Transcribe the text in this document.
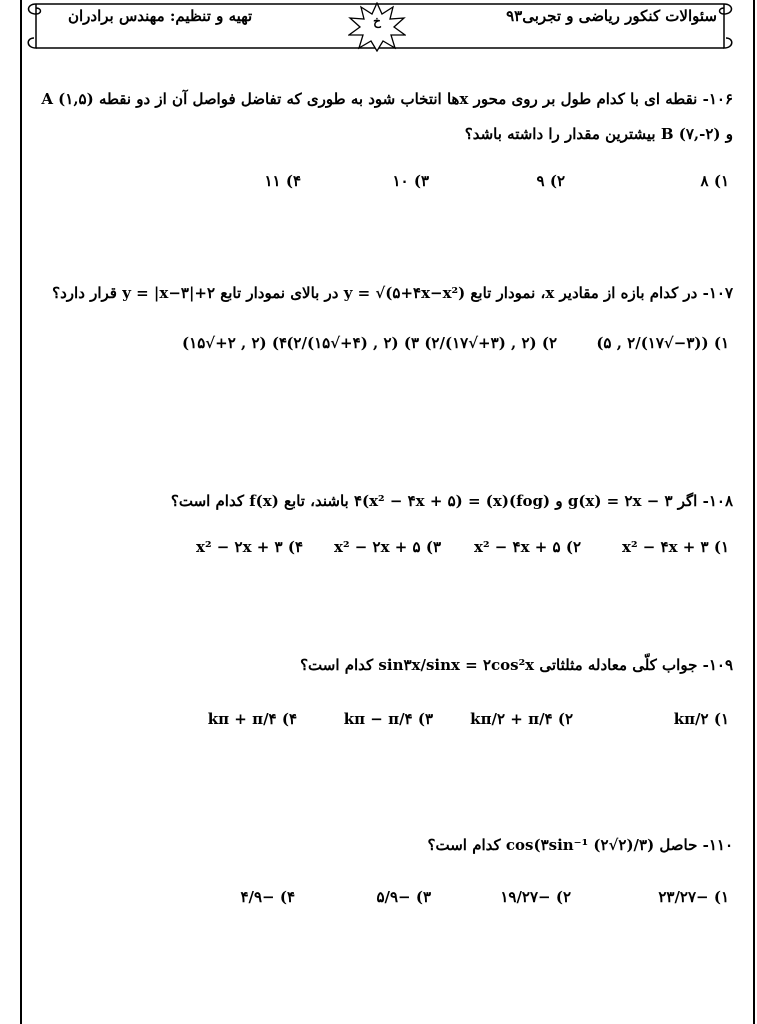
سئوالات کنکور ریاضی و تجربی۹۳
تهیه و تنظیم: مهندس برادران	خ
۱۰۶- نقطه ای با کدام طول بر روی محور xها انتخاب شود به طوری که تفاضل فواصل آن از دو نقطه (۱,۵) A
و (۲-,۷) B بیشترین مقدار را داشته باشد؟
۱) ۸
۲) ۹
۳) ۱۰
۴) ۱۱
۱۰۷- در کدام بازه از مقادیر x، نمودار تابع y = √(۵+۴x−x²) در بالای نمودار تابع y = |x−۳|+۲ قرار دارد؟
۱) ((۳−√۱۷)/۲ , ۵)
۲) (۲ , (۳+√۱۷)/۲)
۳) (۲ , (۴+√۱۵)/۲)
۴) (۲ , ۲+√۱۵)
۱۰۸- اگر g(x) = ۲x − ۳ و (fog)(x) = ۴(x² − ۴x + ۵) باشند، تابع f(x) کدام است؟
۱) x² − ۴x + ۳
۲) x² − ۴x + ۵
۳) x² − ۲x + ۵
۴) x² − ۲x + ۳
۱۰۹- جواب کلّی معادله مثلثاتی sin۳x/sinx = ۲cos²x کدام است؟
۱) kπ/۲
۲) kπ/۲ + π/۴
۳) kπ − π/۴
۴) kπ + π/۴
۱۱۰- حاصل cos(۳sin⁻¹ (۲√۲)/۳) کدام است؟
۱) −۲۳/۲۷
۲) −۱۹/۲۷
۳) −۵/۹
۴) −۴/۹
